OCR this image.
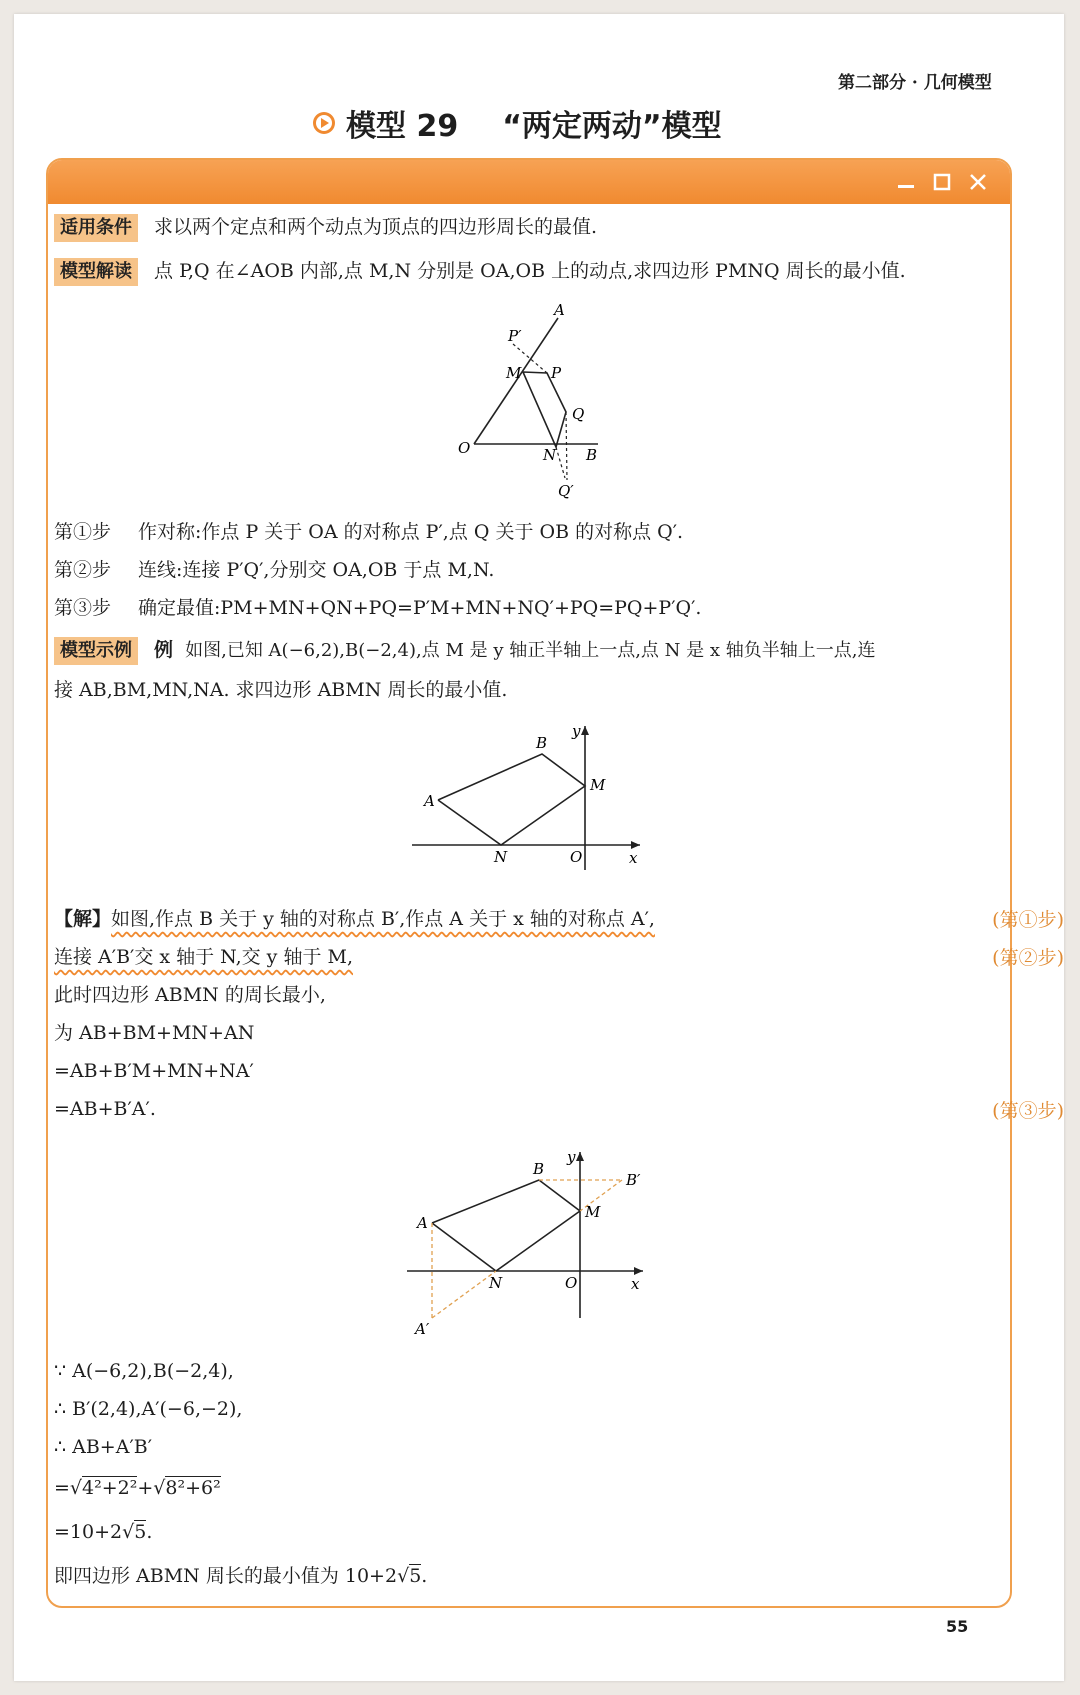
第二部分 · 几何模型
模型 29 “两定两动”模型
适用条件 求以两个定点和两个动点为顶点的四边形周长的最值.
模型解读 点 P,Q 在∠AOB 内部,点 M,N 分别是 OA,OB 上的动点,求四边形 PMNQ 周长的最小值.
A
P′
M P
Q
O	N B
Q′
第①步 作对称:作点 P 关于 OA 的对称点 P′,点 Q 关于 OB 的对称点 Q′.
第②步 连线:连接 P′Q′,分别交 OA,OB 于点 M,N.
第③步 确定最值:PM+MN+QN+PQ=P′M+MN+NQ′+PQ=PQ+P′Q′.
模型示例 例 如图,已知 A(−6,2),B(−2,4),点 M 是 y 轴正半轴上一点,点 N 是 x 轴负半轴上一点,连
接 AB,BM,MN,NA. 求四边形 ABMN 周长的最小值.
A
B
M
N	O	x
y
【解】如图,作点 B 关于 y 轴的对称点 B′,作点 A 关于 x 轴的对称点 A′,	(第①步)
连接 A′B′交 x 轴于 N,交 y 轴于 M,	(第②步)
此时四边形 ABMN 的周长最小,
为 AB+BM+MN+AN
=AB+B′M+MN+NA′
=AB+B′A′.	(第③步)
A
B
B′
M
N	O	x
y
A′
∵ A(−6,2),B(−2,4),
∴ B′(2,4),A′(−6,−2),
∴ AB+A′B′
=√4²+2²+√8²+6²
=10+2√5.
即四边形 ABMN 周长的最小值为 10+2√5.
55
